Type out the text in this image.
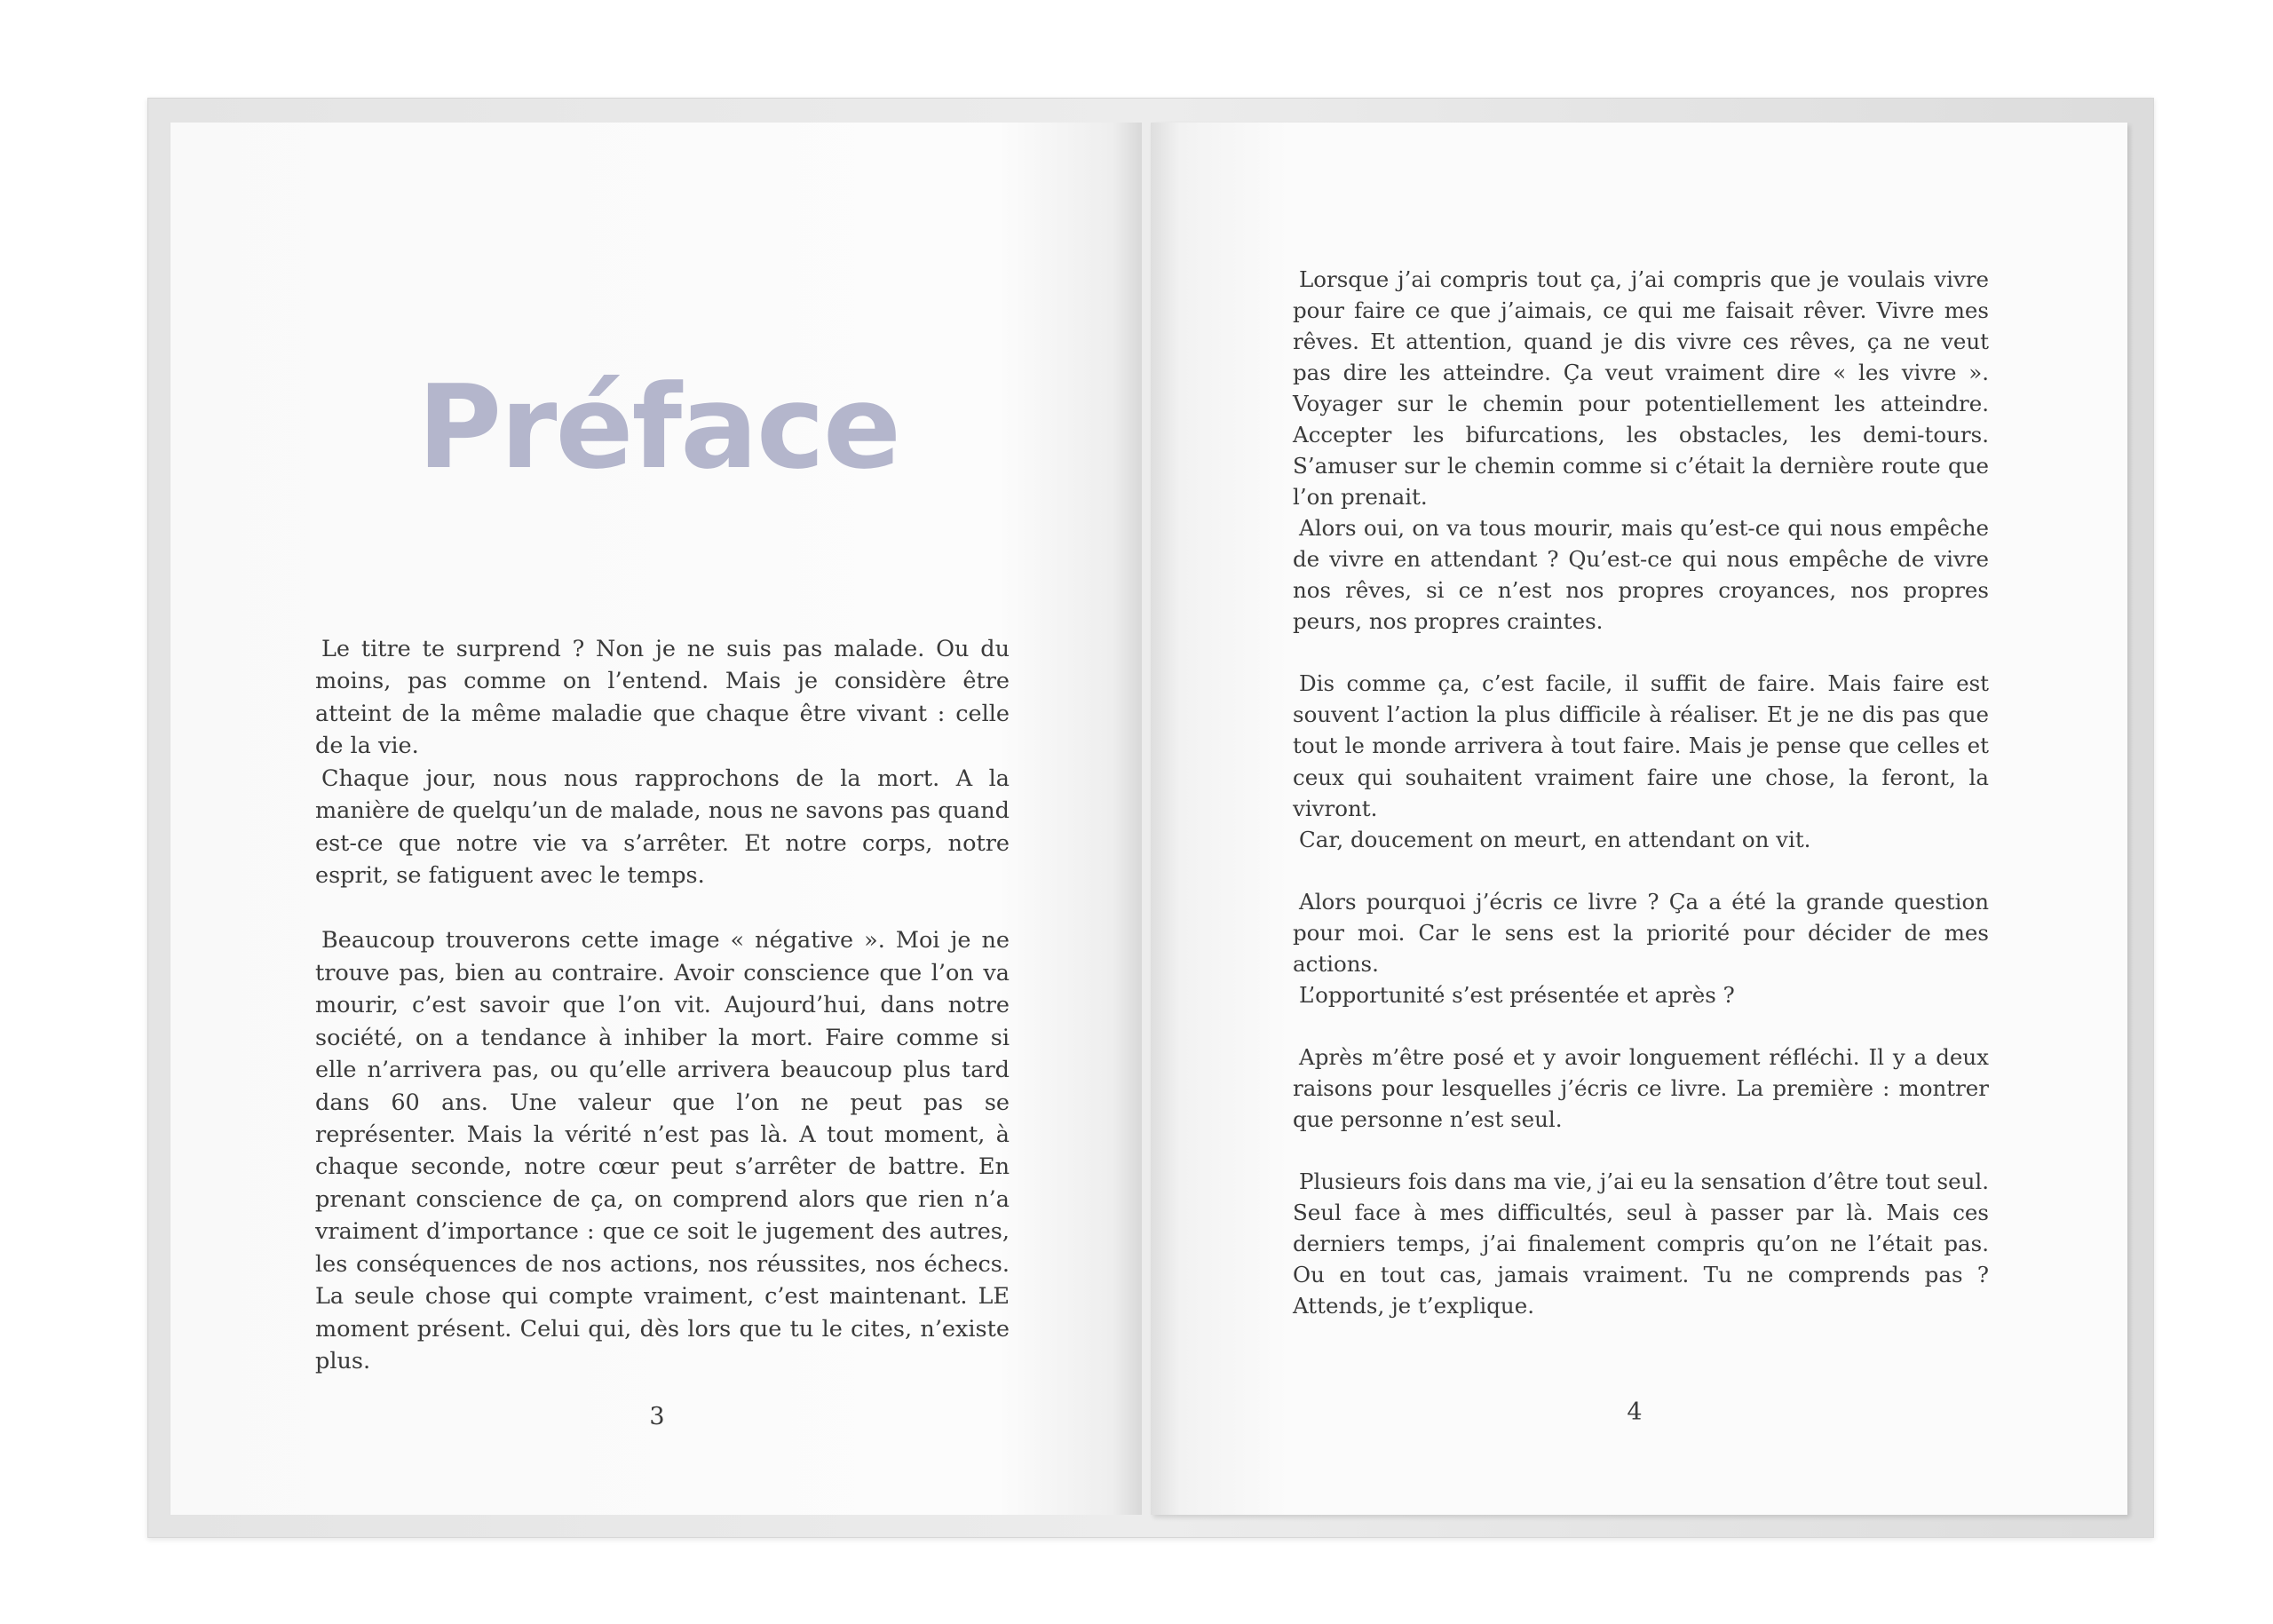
Préface

Le titre te surprend ? Non je ne suis pas malade. Ou du moins, pas comme on l’entend. Mais je considère être atteint de la même maladie que chaque être vivant : celle de la vie.

Chaque jour, nous nous rapprochons de la mort. A la manière de quelqu’un de malade, nous ne savons pas quand est-ce que notre vie va s’arrêter. Et notre corps, notre esprit, se fatiguent avec le temps.

Beaucoup trouverons cette image « négative ». Moi je ne trouve pas, bien au contraire. Avoir conscience que l’on va mourir, c’est savoir que l’on vit. Aujourd’hui, dans notre société, on a tendance à inhiber la mort. Faire comme si elle n’arrivera pas, ou qu’elle arrivera beaucoup plus tard dans 60 ans. Une valeur que l’on ne peut pas se représenter. Mais la vérité n’est pas là. A tout moment, à chaque seconde, notre cœur peut s’arrêter de battre. En prenant conscience de ça, on comprend alors que rien n’a vraiment d’importance : que ce soit le jugement des autres, les conséquences de nos actions, nos réussites, nos échecs. La seule chose qui compte vraiment, c’est maintenant. LE moment présent. Celui qui, dès lors que tu le cites, n’existe plus.

Lorsque j’ai compris tout ça, j’ai compris que je voulais vivre pour faire ce que j’aimais, ce qui me faisait rêver. Vivre mes rêves. Et attention, quand je dis vivre ces rêves, ça ne veut pas dire les atteindre. Ça veut vraiment dire « les vivre ». Voyager sur le chemin pour potentiellement les atteindre. Accepter les bifurcations, les obstacles, les demi-tours. S’amuser sur le chemin comme si c’était la dernière route que l’on prenait.

Alors oui, on va tous mourir, mais qu’est-ce qui nous empêche de vivre en attendant ? Qu’est-ce qui nous empêche de vivre nos rêves, si ce n’est nos propres croyances, nos propres peurs, nos propres craintes.

Dis comme ça, c’est facile, il suffit de faire. Mais faire est souvent l’action la plus difficile à réaliser. Et je ne dis pas que tout le monde arrivera à tout faire. Mais je pense que celles et ceux qui souhaitent vraiment faire une chose, la feront, la vivront.

Car, doucement on meurt, en attendant on vit.

Alors pourquoi j’écris ce livre ? Ça a été la grande question pour moi. Car le sens est la priorité pour décider de mes actions.

L’opportunité s’est présentée et après ?

Après m’être posé et y avoir longuement réfléchi. Il y a deux raisons pour lesquelles j’écris ce livre. La première : montrer que personne n’est seul.

Plusieurs fois dans ma vie, j’ai eu la sensation d’être tout seul. Seul face à mes difficultés, seul à passer par là. Mais ces derniers temps, j’ai finalement compris qu’on ne l’était pas. Ou en tout cas, jamais vraiment. Tu ne comprends pas ? Attends, je t’explique.

3	4
